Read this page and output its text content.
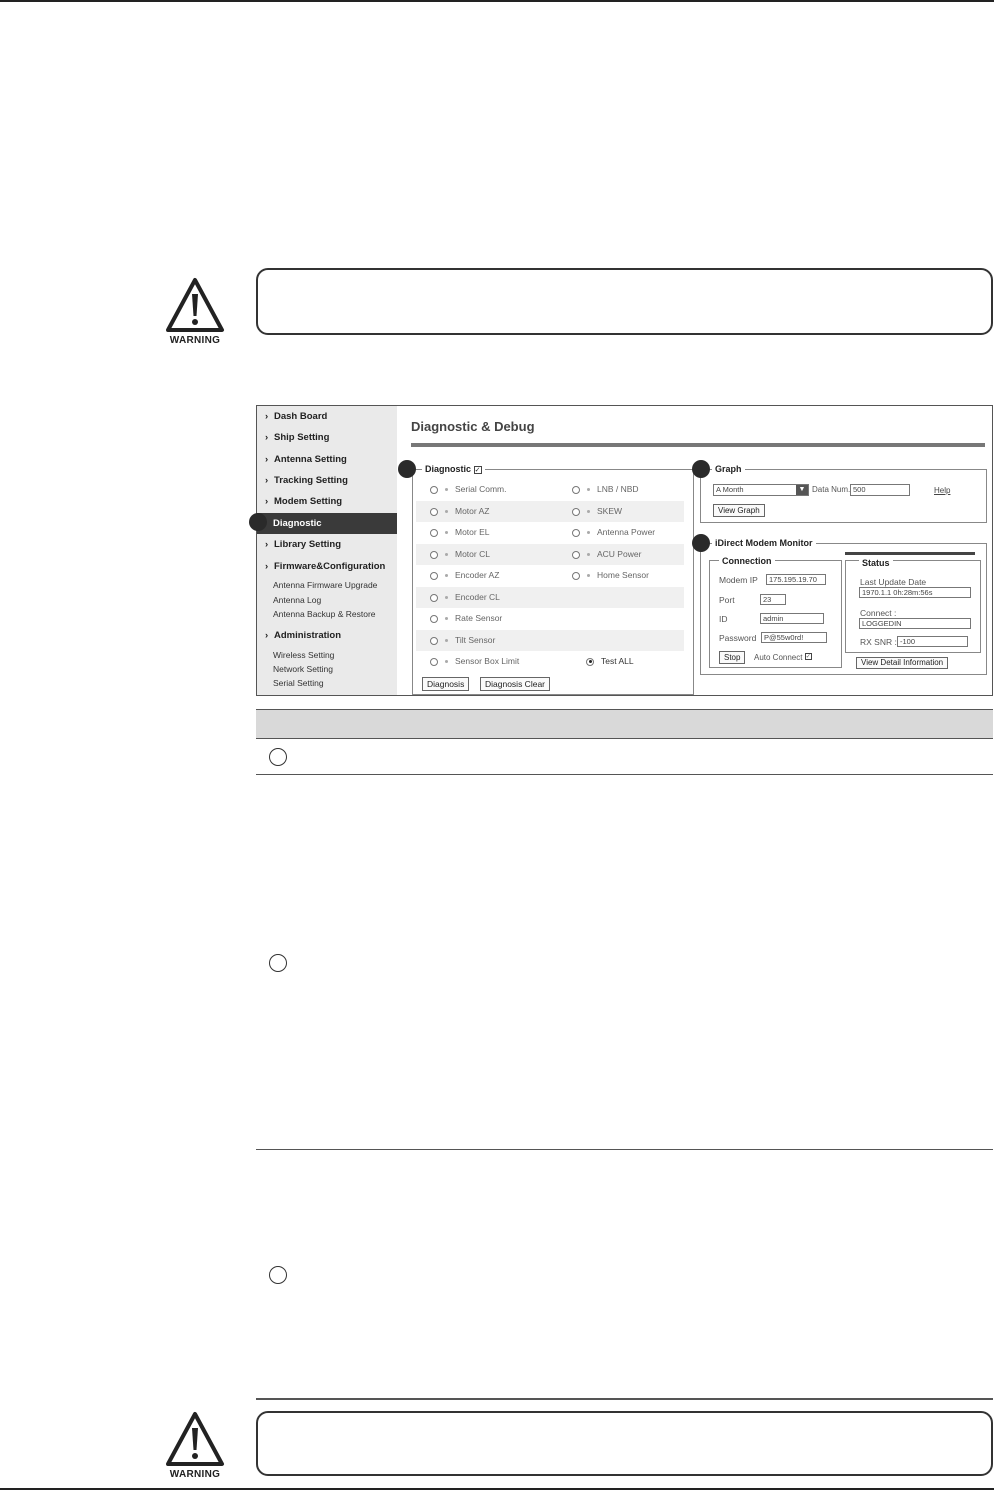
WARNING
› Dash Board
› Ship Setting
› Antenna Setting
› Tracking Setting
› Modem Setting
Diagnostic
› Library Setting
› Firmware&Configuration
Antenna Firmware Upgrade
Antenna Log
Antenna Backup & Restore
› Administration
Wireless Setting
Network Setting
Serial Setting
Diagnostic & Debug
Diagnostic ✓
Serial Comm.	LNB / NBD
Motor AZ	SKEW
Motor EL	Antenna Power
Motor CL	ACU Power
Encoder AZ	Home Sensor
Encoder CL
Rate Sensor
Tilt Sensor
Sensor Box Limit	Test ALL
Diagnosis	Diagnosis Clear
Graph
A Month	▼ Data Num. 500	Help
View Graph
iDirect Modem Monitor
Connection
Modem IP	175.195.19.70
Port	23
ID	admin
Password	P@55w0rd!
Stop	Auto Connect ✓
Status
Last Update Date
1970.1.1 0h:28m:56s
Connect :
LOGGEDIN
RX SNR : -100
View Detail Information
WARNING
